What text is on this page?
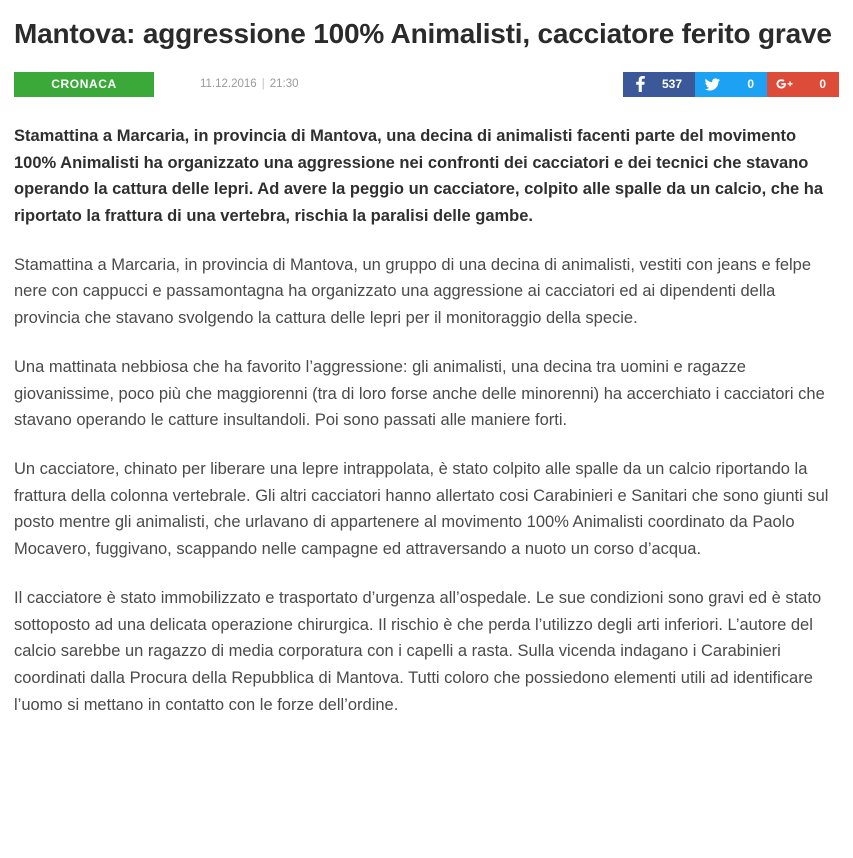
Mantova: aggressione 100% Animalisti, cacciatore ferito grave
CRONACA	11.12.2016 | 21:30	537	0	0
Stamattina a Marcaria, in provincia di Mantova, una decina di animalisti facenti parte del movimento 100% Animalisti ha organizzato una aggressione nei confronti dei cacciatori e dei tecnici che stavano operando la cattura delle lepri. Ad avere la peggio un cacciatore, colpito alle spalle da un calcio, che ha riportato la frattura di una vertebra, rischia la paralisi delle gambe.

Stamattina a Marcaria, in provincia di Mantova, un gruppo di una decina di animalisti, vestiti con jeans e felpe nere con cappucci e passamontagna ha organizzato una aggressione ai cacciatori ed ai dipendenti della provincia che stavano svolgendo la cattura delle lepri per il monitoraggio della specie.

Una mattinata nebbiosa che ha favorito l’aggressione: gli animalisti, una decina tra uomini e ragazze giovanissime, poco più che maggiorenni (tra di loro forse anche delle minorenni) ha accerchiato i cacciatori che stavano operando le catture insultandoli. Poi sono passati alle maniere forti.

Un cacciatore, chinato per liberare una lepre intrappolata, è stato colpito alle spalle da un calcio riportando la frattura della colonna vertebrale. Gli altri cacciatori hanno allertato cosi Carabinieri e Sanitari che sono giunti sul posto mentre gli animalisti, che urlavano di appartenere al movimento 100% Animalisti coordinato da Paolo Mocavero, fuggivano, scappando nelle campagne ed attraversando a nuoto un corso d’acqua.

Il cacciatore è stato immobilizzato e trasportato d’urgenza all’ospedale. Le sue condizioni sono gravi ed è stato sottoposto ad una delicata operazione chirurgica. Il rischio è che perda l’utilizzo degli arti inferiori. L’autore del calcio sarebbe un ragazzo di media corporatura con i capelli a rasta. Sulla vicenda indagano i Carabinieri coordinati dalla Procura della Repubblica di Mantova. Tutti coloro che possiedono elementi utili ad identificare l’uomo si mettano in contatto con le forze dell’ordine.
